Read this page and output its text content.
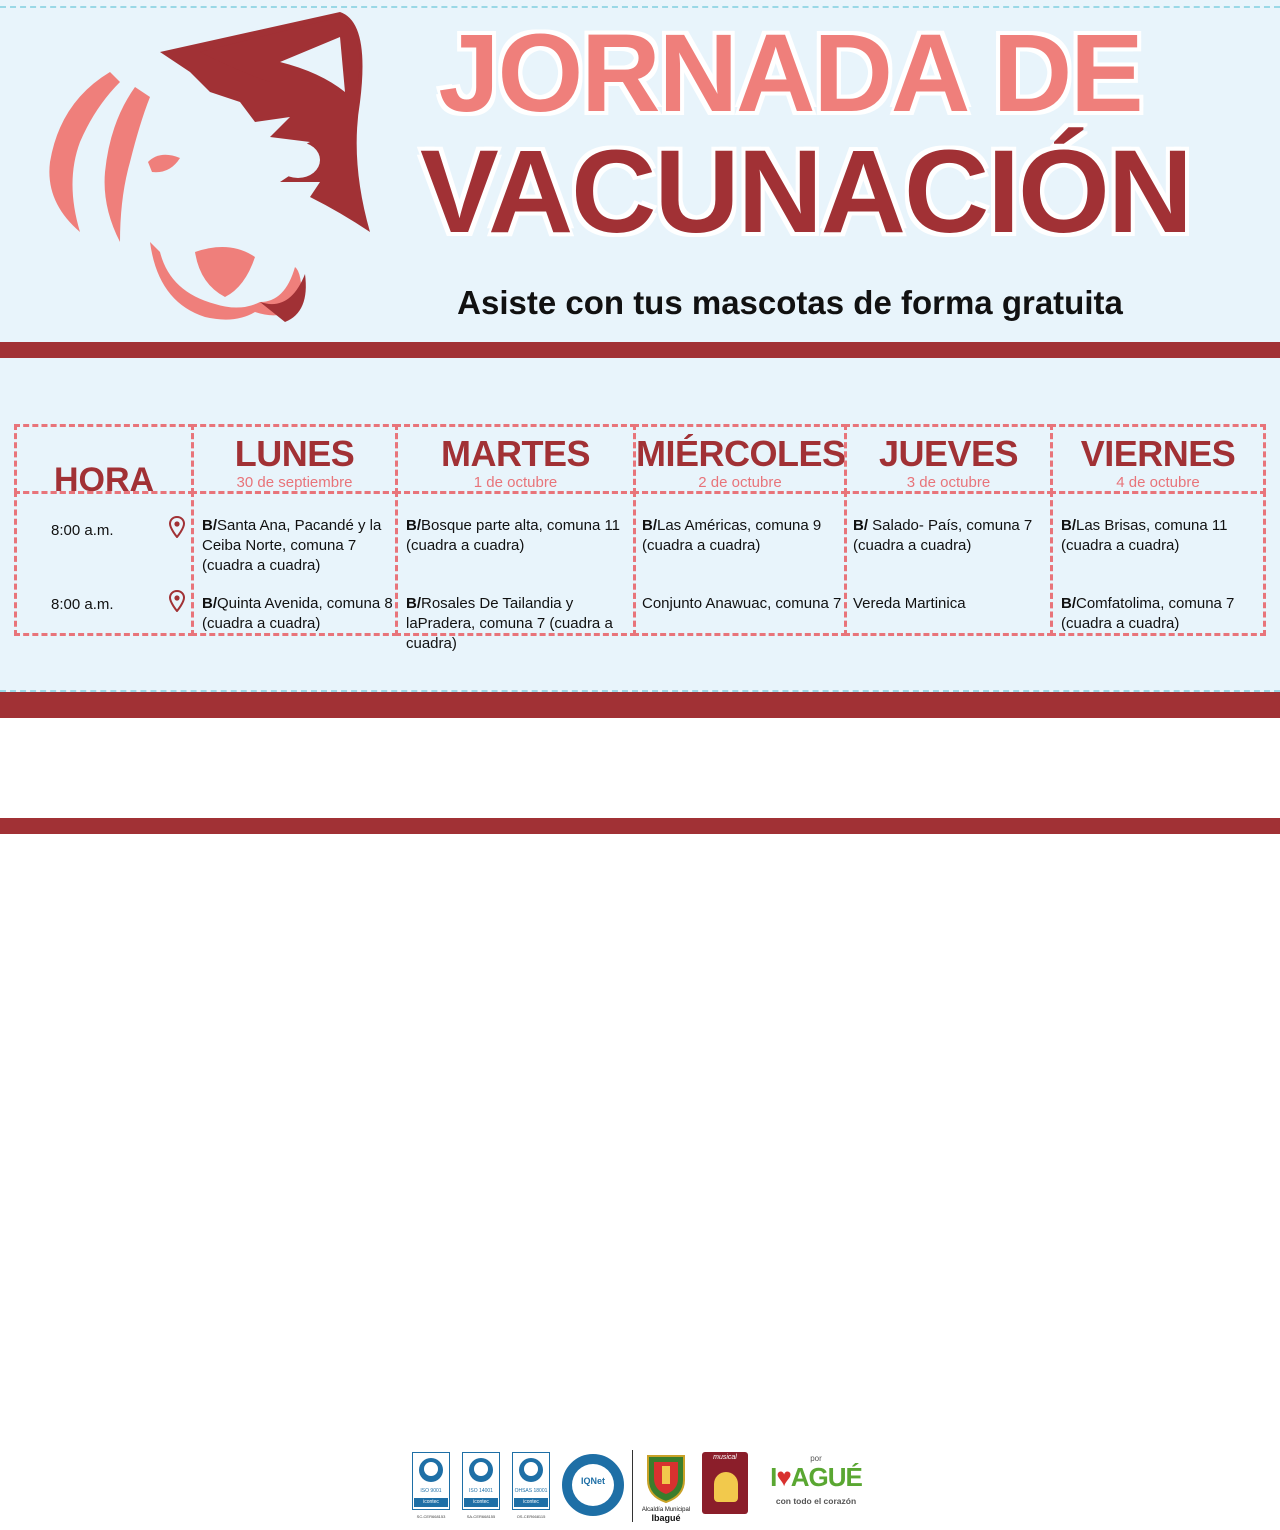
JORNADA DE
VACUNACIÓN
Asiste con tus mascotas de forma gratuita
HORA
8:00 a.m.
8:00 a.m.
LUNES
30 de septiembre
B/Santa Ana, Pacandé y la Ceiba Norte, comuna 7 (cuadra a cuadra)
B/Quinta Avenida, comuna 8 (cuadra a cuadra)
MARTES
1 de octubre
B/Bosque parte alta, comuna 11 (cuadra a cuadra)
B/Rosales De Tailandia y laPradera, comuna 7 (cuadra a cuadra)
MIÉRCOLES
2 de octubre
B/Las Américas, comuna 9 (cuadra a cuadra)
Conjunto Anawuac, comuna 7
JUEVES
3 de octubre
B/ Salado- País, comuna 7 (cuadra a cuadra)
Vereda Martinica
VIERNES
4 de octubre
B/Las Brisas, comuna 11 (cuadra a cuadra)
B/Comfatolima, comuna 7 (cuadra a cuadra)
ISO 9001
icontec
SC-CER668153
ISO 14001
icontec
SA-CER668155
OHSAS 18001
icontec
OS-CER668115
IQNet
Alcaldía Municipal
Ibagué
musical	por
I♥AGUÉ
con todo el corazón
